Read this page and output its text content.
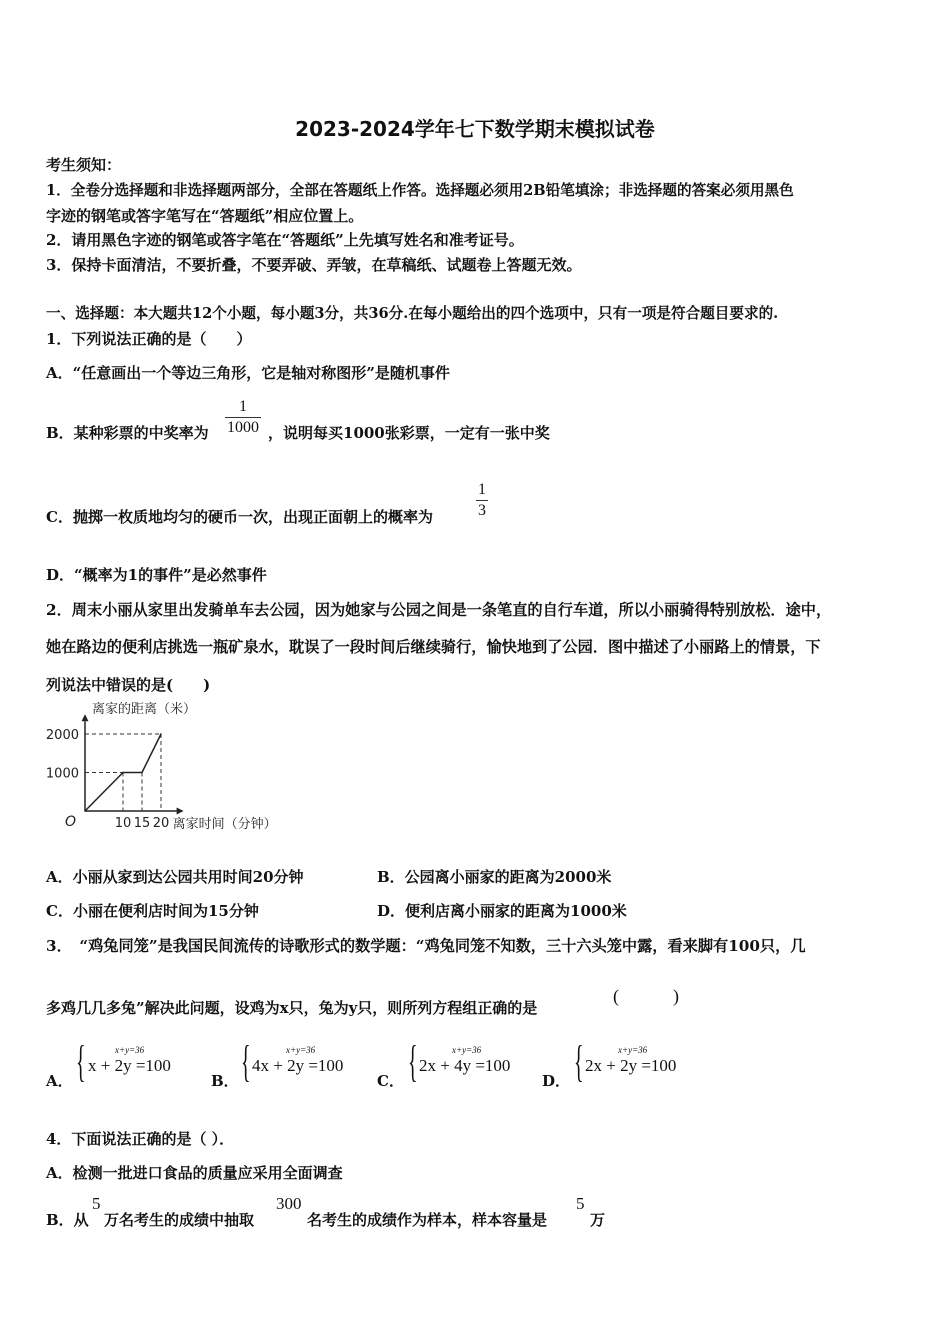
2023-2024学年七下数学期末模拟试卷
考生须知：
1．全卷分选择题和非选择题两部分，全部在答题纸上作答。选择题必须用2B铅笔填涂；非选择题的答案必须用黑色
字迹的钢笔或答字笔写在“答题纸”相应位置上。
2．请用黑色字迹的钢笔或答字笔在“答题纸”上先填写姓名和准考证号。
3．保持卡面清洁，不要折叠，不要弄破、弄皱，在草稿纸、试题卷上答题无效。
一、选择题：本大题共12个小题，每小题3分，共36分.在每小题给出的四个选项中，只有一项是符合题目要求的.
1．下列说法正确的是（　　）
A．“任意画出一个等边三角形，它是轴对称图形”是随机事件
B．某种彩票的中奖率为 $\frac{1}{1000}$ ，说明每买1000张彩票，一定有一张中奖
C．抛掷一枚质地均匀的硬币一次，出现正面朝上的概率为	$\frac{1}{3}$
D．“概率为1的事件”是必然事件
2．周末小丽从家里出发骑单车去公园，因为她家与公园之间是一条笔直的自行车道，所以小丽骑得特别放松．途中，
她在路边的便利店挑选一瓶矿泉水，耽误了一段时间后继续骑行，愉快地到了公园．图中描述了小丽路上的情景，下
列说法中错误的是(　　)
10 15 20
1000
2000
O
离家的距离（米）
离家时间（分钟）
A．小丽从家到达公园共用时间20分钟	B．公园离小丽家的距离为2000米
C．小丽在便利店时间为15分钟	D．便利店离小丽家的距离为1000米
3．　“鸡兔同笼”是我国民间流传的诗歌形式的数学题：“鸡兔同笼不知数，三十六头笼中露，看来脚有100只，几
多鸡几几多兔”解决此问题，设鸡为x只，兔为y只，则所列方程组正确的是
(　　　)
A． {	x+y=36
x + 2y =100
B． {	x+y=36
4x + 2y =100
C． {	x+y=36
2x + 4y =100
D． {	x+y=36
2x + 2y =100
4．下面说法正确的是（ ）．
A．检测一批进口食品的质量应采用全面调查
B．从
5
万名考生的成绩中抽取
300
名考生的成绩作为样本，样本容量是
5
万
